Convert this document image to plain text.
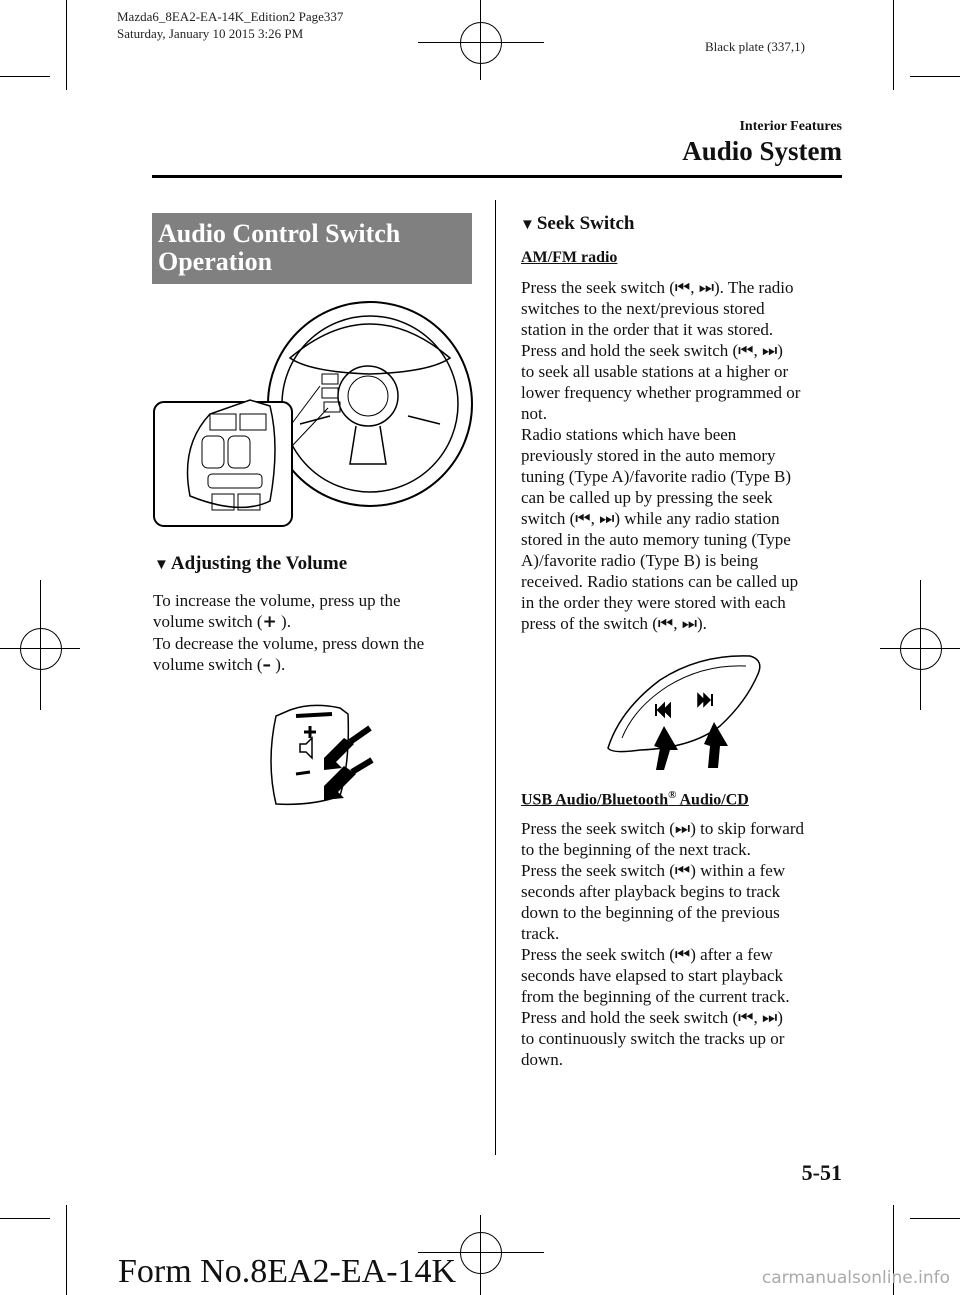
Mazda6_8EA2-EA-14K_Edition2 Page337
Saturday, January 10 2015 3:26 PM
Black plate (337,1)
Interior Features
Audio System
Audio Control Switch
Operation
▼ Adjusting the Volume

To increase the volume, press up the

volume switch (+ ).

To decrease the volume, press down the

volume switch (– ).

▼ Seek Switch
AM/FM radio

Press the seek switch (⏮, ⏭). The radio

switches to the next/previous stored

station in the order that it was stored.

Press and hold the seek switch (⏮, ⏭)

to seek all usable stations at a higher or

lower frequency whether programmed or

not.

Radio stations which have been

previously stored in the auto memory

tuning (Type A)/favorite radio (Type B)

can be called up by pressing the seek

switch (⏮, ⏭) while any radio station

stored in the auto memory tuning (Type

A)/favorite radio (Type B) is being

received. Radio stations can be called up

in the order they were stored with each

press of the switch (⏮, ⏭).

USB Audio/Bluetooth® Audio/CD

Press the seek switch (⏭) to skip forward

to the beginning of the next track.

Press the seek switch (⏮) within a few

seconds after playback begins to track

down to the beginning of the previous

track.

Press the seek switch (⏮) after a few

seconds have elapsed to start playback

from the beginning of the current track.

Press and hold the seek switch (⏮, ⏭)

to continuously switch the tracks up or

down.

5-51
Form No.8EA2-EA-14K	carmanualsonline.info
